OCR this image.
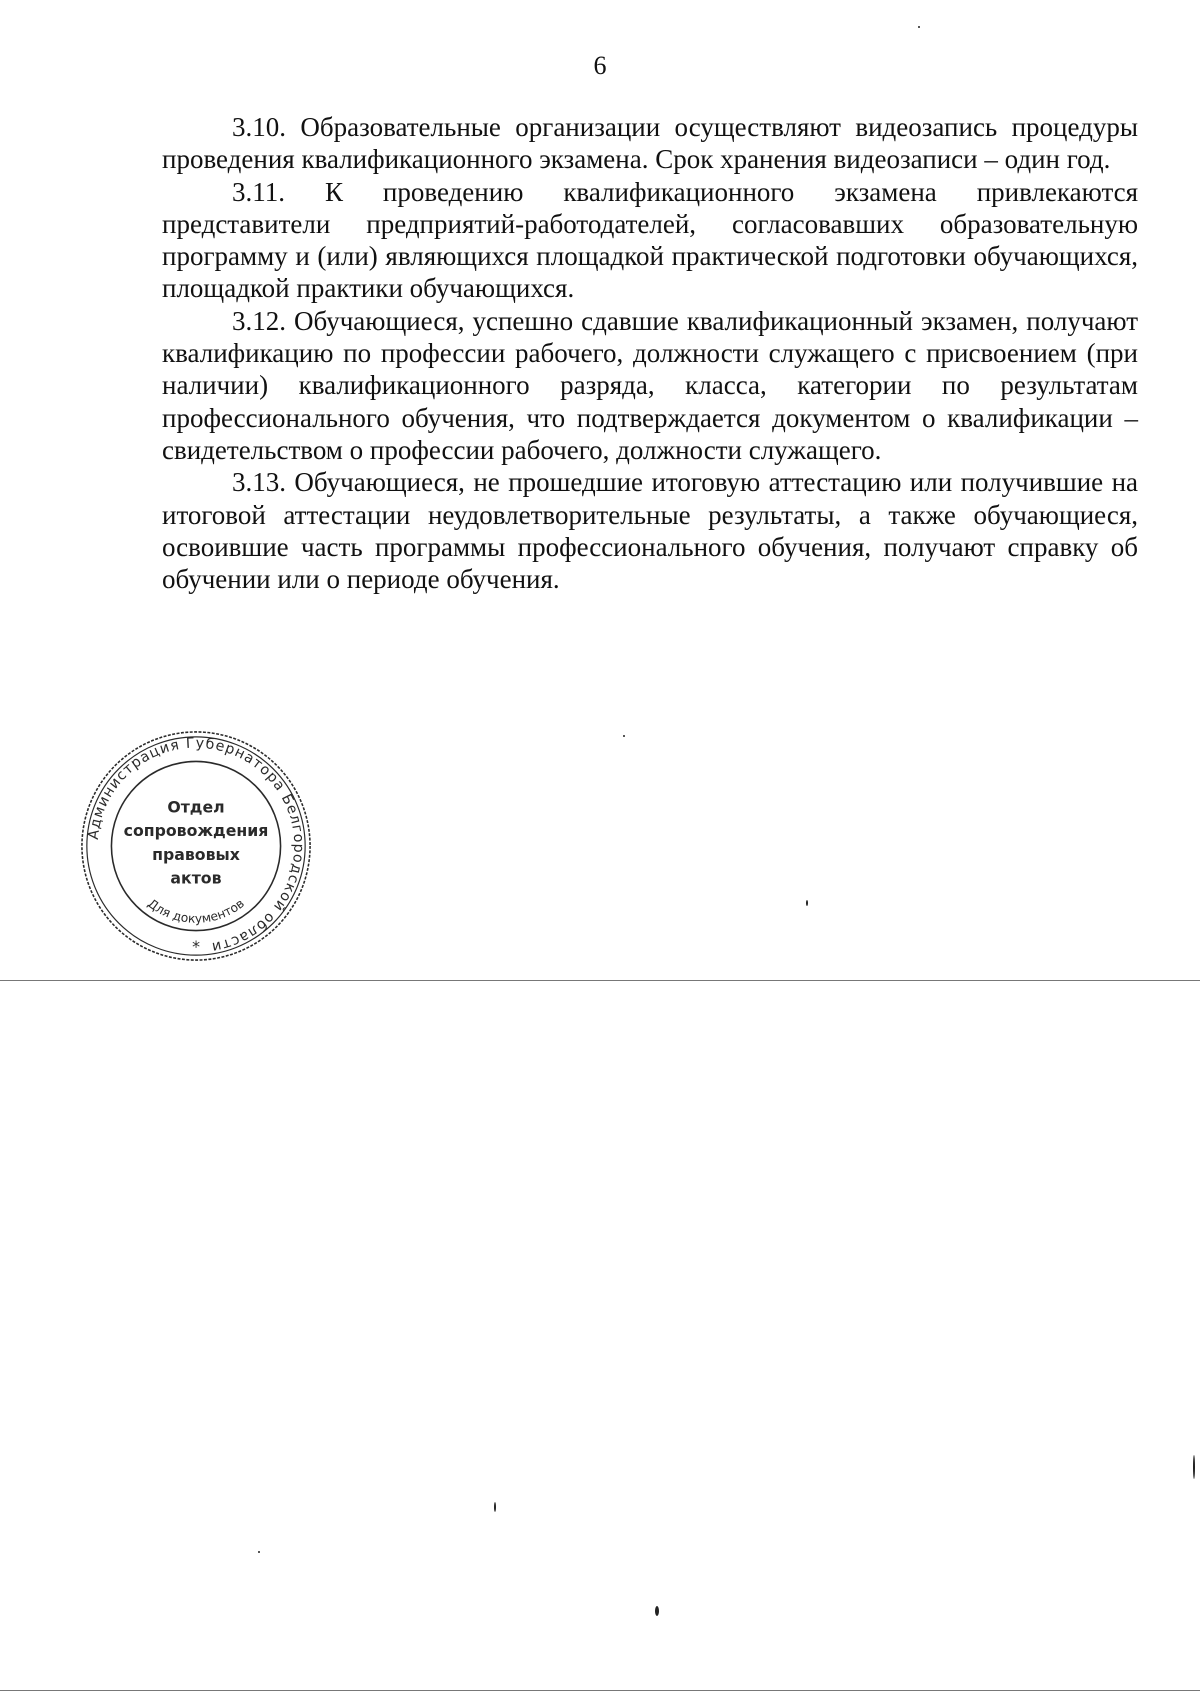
6

3.10. Образовательные организации осуществляют видеозапись процедуры проведения квалификационного экзамена. Срок хранения видеозаписи – один год.

3.11. К проведению квалификационного экзамена привлекаются представители предприятий-работодателей, согласовавших образовательную программу и (или) являющихся площадкой практической подготовки обучающихся, площадкой практики обучающихся.

3.12. Обучающиеся, успешно сдавшие квалификационный экзамен, получают квалификацию по профессии рабочего, должности служащего с присвоением (при наличии) квалификационного разряда, класса, категории по результатам профессионального обучения, что подтверждается документом о квалификации – свидетельством о профессии рабочего, должности служащего.

3.13. Обучающиеся, не прошедшие итоговую аттестацию или получившие на итоговой аттестации неудовлетворительные результаты, а также обучающиеся, освоившие часть программы профессионального обучения, получают справку об обучении или о периоде обучения.

Администрация Губернатора Белгородской области
Для документов
Отдел
сопровождения
правовых
актов
*
